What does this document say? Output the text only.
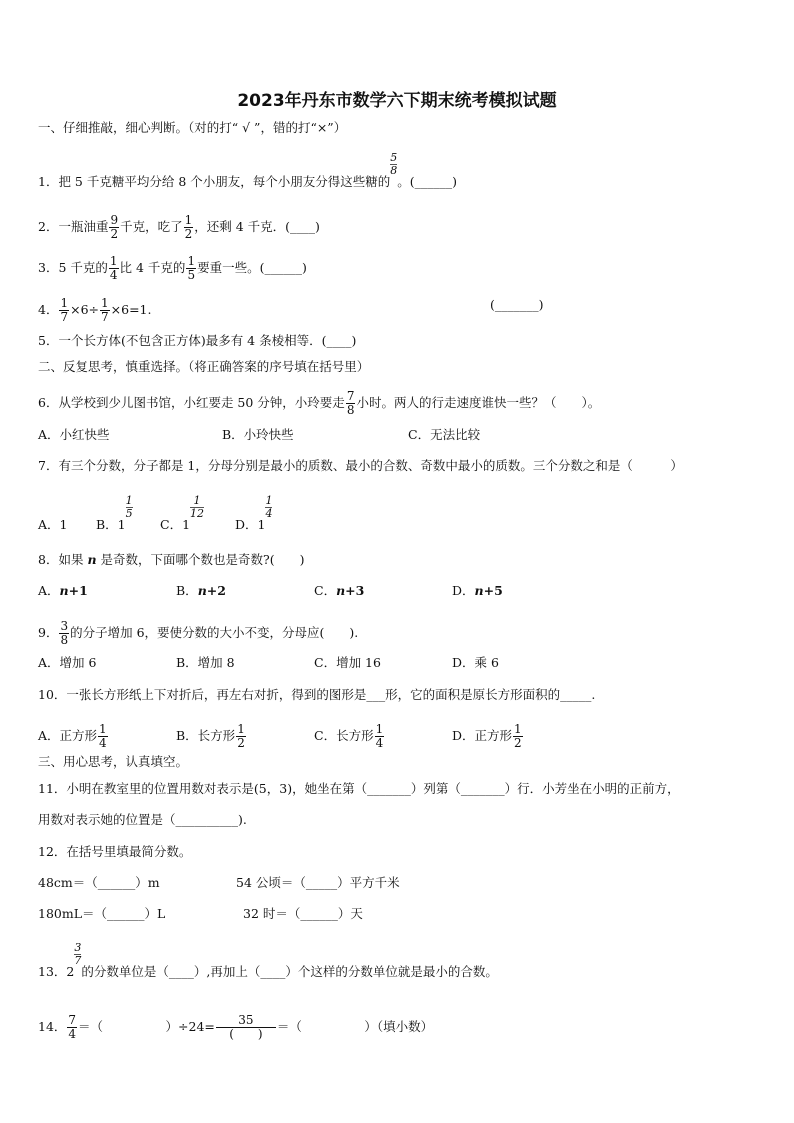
2023年丹东市数学六下期末统考模拟试题
一、仔细推敲，细心判断。（对的打“ √ ”，错的打“×”）
1．把 5 千克糖平均分给 8 个小朋友，每个小朋友分得这些糖的
$\frac{5}{8}$
。(______)
2．一瓶油重 $\frac{9}{2}$ 千克，吃了 $\frac{1}{2}$ ，还剩 4 千克．(____)
3．5 千克的 $\frac{1}{4}$ 比 4 千克的 $\frac{1}{5}$ 要重一些。(______)
4． $\frac{1}{7} \times 6\div \frac{1}{7} \times 6=1$.	(_______)
5．一个长方体(不包含正方体)最多有 4 条棱相等．(____)
二、反复思考，慎重选择。（将正确答案的序号填在括号里）
6．从学校到少儿图书馆，小红要走 50 分钟，小玲要走 $\frac{7}{8}$ 小时。两人的行走速度谁快一些？（　　）。
A．小红快些	B．小玲快些	C．无法比较
7．有三个分数，分子都是 1，分母分别是最小的质数、最小的合数、奇数中最小的质数。三个分数之和是（　　　）
A．1 B．1
$\frac{1}{5}$
C．1
$\frac{1}{12}$
D．1
$\frac{1}{4}$
8．如果 n 是奇数，下面哪个数也是奇数?(　　)
A．n+1	B．n+2	C．n+3	D．n+5
9． $\frac{3}{8}$ 的分子增加 6，要使分数的大小不变，分母应(　　).
A．增加 6	B．增加 8	C．增加 16	D．乘 6
10．一张长方形纸上下对折后，再左右对折，得到的图形是___形，它的面积是原长方形面积的_____.
A．正方形 $\frac{1}{4}$	B．长方形 $\frac{1}{2}$	C．长方形 $\frac{1}{4}$	D．正方形 $\frac{1}{2}$
三、用心思考，认真填空。
11．小明在教室里的位置用数对表示是(5，3)，她坐在第（_______）列第（_______）行．小芳坐在小明的正前方，
用数对表示她的位置是（__________).
12．在括号里填最简分数。
48cm＝（______）m	54 公顷＝（_____）平方千米
180mL＝（______）L	32 时＝（______）天
13．2
$\frac{3}{7}$
的分数单位是（____）,再加上（____）个这样的分数单位就是最小的合数。
14． $\frac{7}{4}$ ＝（　　　　　）$\div 24= \frac{35}{( )}$ ＝（　　　　　）（填小数）
